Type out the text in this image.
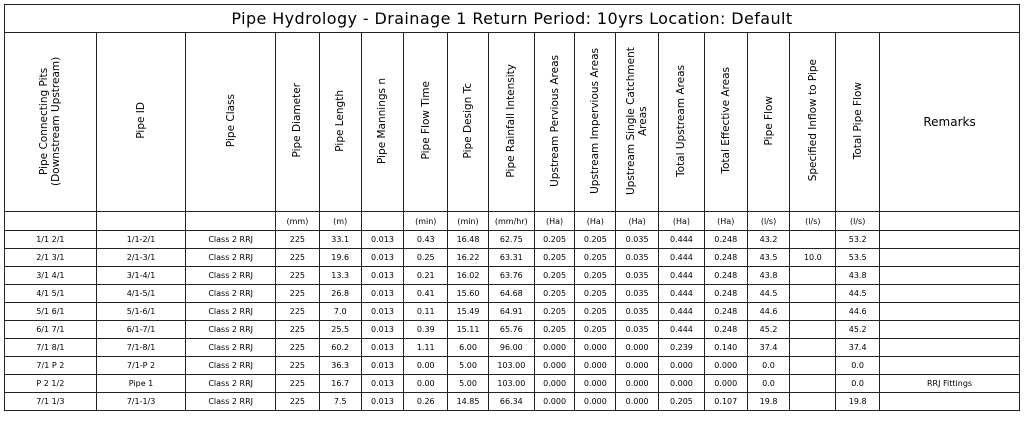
Pipe Hydrology - Drainage 1 Return Period: 10yrs Location: Default																	
Pipe Connecting Pits (Downstream Upstream)	Pipe ID	Pipe Class	Pipe Diameter	Pipe Length	Pipe Mannings n	Pipe Flow Time	Pipe Design Tc	Pipe Rainfall Intensity	Upstream Pervious Areas	Upstream Impervious Areas	Upstream Single Catchment Areas	Total Upstream Areas	Total Effective Areas	Pipe Flow	Specified Inflow to Pipe	Total Pipe Flow	Remarks
			(mm)	(m)		(min)	(min)	(mm/hr)	(Ha)	(Ha)	(Ha)	(Ha)	(Ha)	(l/s)	(l/s)	(l/s)	
1/1 2/1	1/1-2/1	Class 2 RRJ	225	33.1	0.013	0.43	16.48	62.75	0.205	0.205	0.035	0.444	0.248	43.2		53.2	
2/1 3/1	2/1-3/1	Class 2 RRJ	225	19.6	0.013	0.25	16.22	63.31	0.205	0.205	0.035	0.444	0.248	43.5	10.0	53.5	
3/1 4/1	3/1-4/1	Class 2 RRJ	225	13.3	0.013	0.21	16.02	63.76	0.205	0.205	0.035	0.444	0.248	43.8		43.8	
4/1 5/1	4/1-5/1	Class 2 RRJ	225	26.8	0.013	0.41	15.60	64.68	0.205	0.205	0.035	0.444	0.248	44.5		44.5	
5/1 6/1	5/1-6/1	Class 2 RRJ	225	7.0	0.013	0.11	15.49	64.91	0.205	0.205	0.035	0.444	0.248	44.6		44.6	
6/1 7/1	6/1-7/1	Class 2 RRJ	225	25.5	0.013	0.39	15.11	65.76	0.205	0.205	0.035	0.444	0.248	45.2		45.2	
7/1 8/1	7/1-8/1	Class 2 RRJ	225	60.2	0.013	1.11	6.00	96.00	0.000	0.000	0.000	0.239	0.140	37.4		37.4	
7/1 P 2	7/1-P 2	Class 2 RRJ	225	36.3	0.013	0.00	5.00	103.00	0.000	0.000	0.000	0.000	0.000	0.0		0.0	
P 2 1/2	Pipe 1	Class 2 RRJ	225	16.7	0.013	0.00	5.00	103.00	0.000	0.000	0.000	0.000	0.000	0.0		0.0	RRJ Fittings
7/1 1/3	7/1-1/3	Class 2 RRJ	225	7.5	0.013	0.26	14.85	66.34	0.000	0.000	0.000	0.205	0.107	19.8		19.8	
